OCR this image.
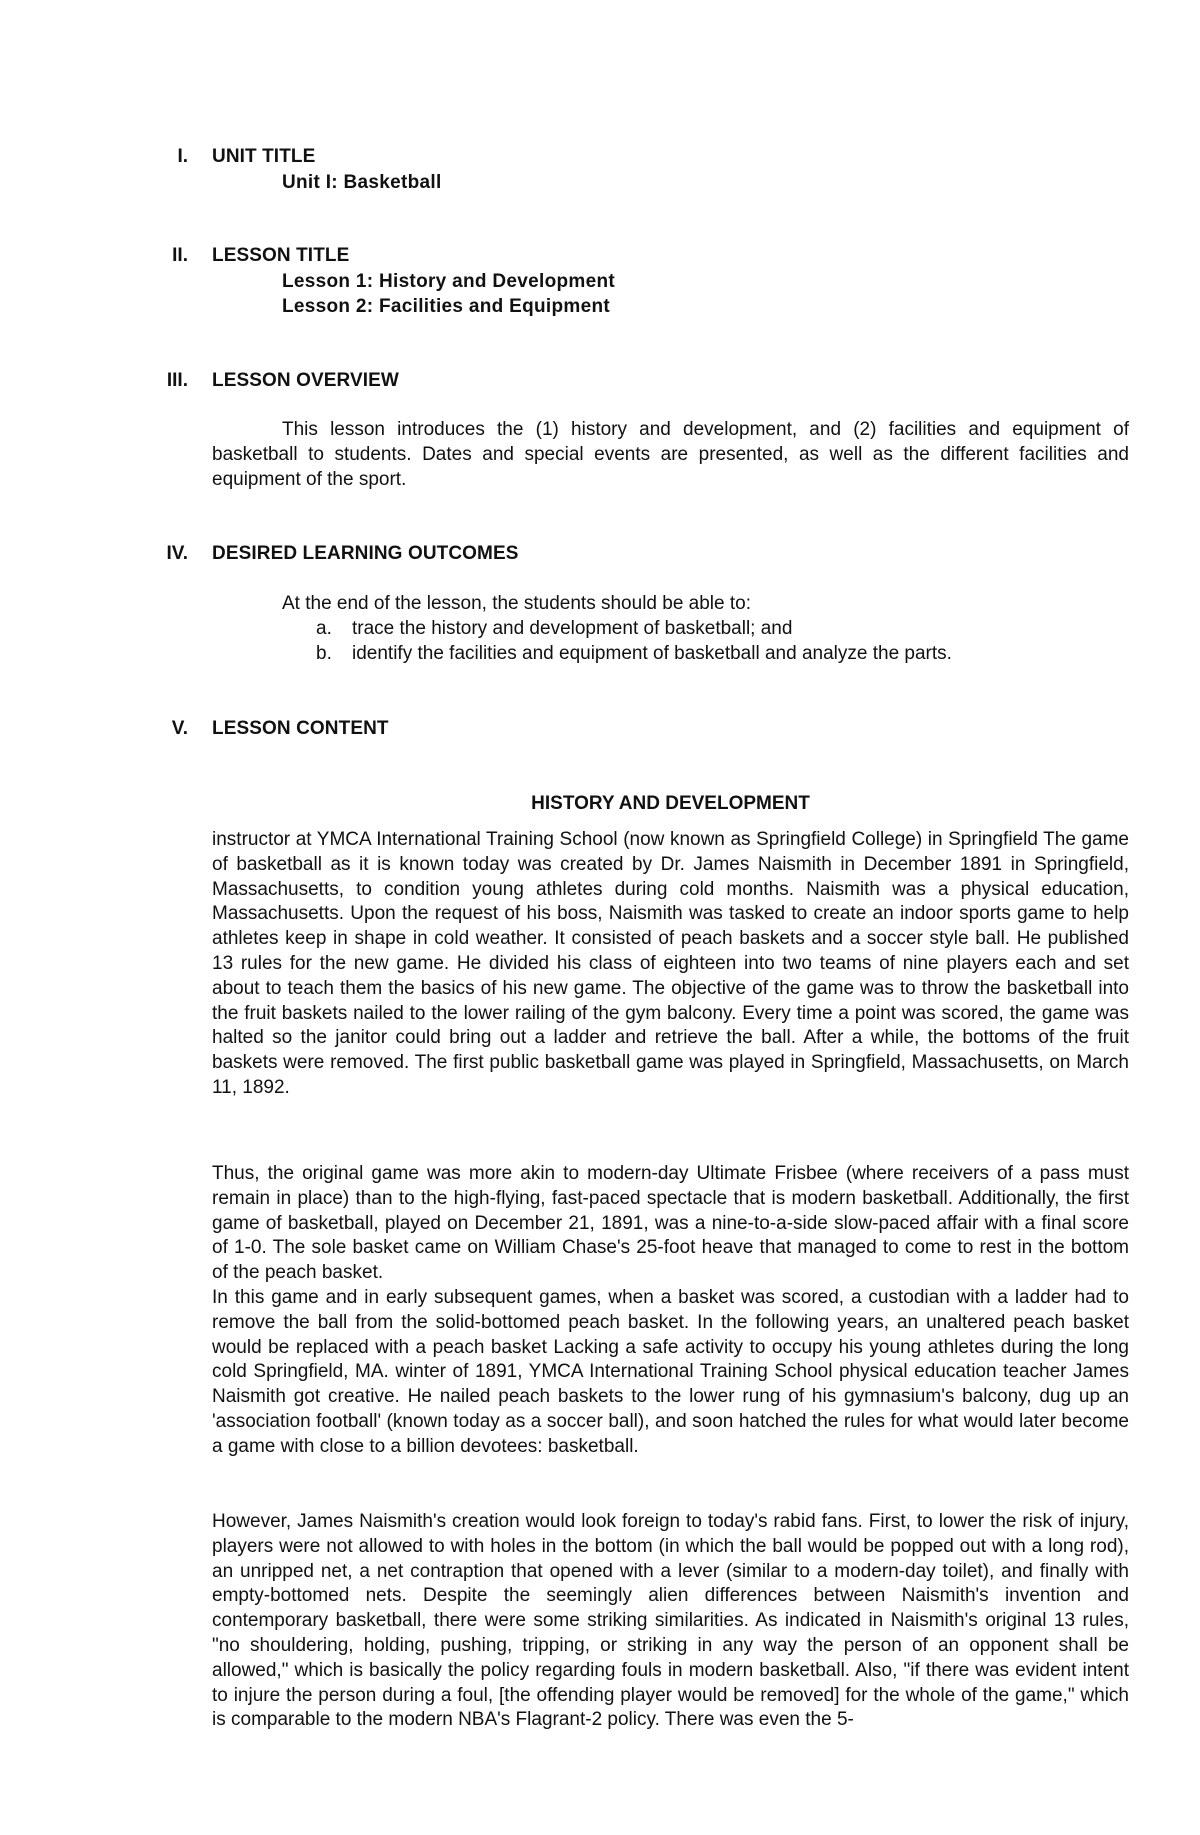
I. UNIT TITLE
Unit I: Basketball
II. LESSON TITLE
Lesson 1: History and Development
Lesson 2: Facilities and Equipment
III. LESSON OVERVIEW
This lesson introduces the (1) history and development, and (2) facilities and equipment of basketball to students. Dates and special events are presented, as well as the different facilities and equipment of the sport.
IV. DESIRED LEARNING OUTCOMES
At the end of the lesson, the students should be able to:
a. trace the history and development of basketball; and
b. identify the facilities and equipment of basketball and analyze the parts.
V. LESSON CONTENT
HISTORY AND DEVELOPMENT
instructor at YMCA International Training School (now known as Springfield College) in Springfield The game of basketball as it is known today was created by Dr. James Naismith in December 1891 in Springfield, Massachusetts, to condition young athletes during cold months. Naismith was a physical education, Massachusetts. Upon the request of his boss, Naismith was tasked to create an indoor sports game to help athletes keep in shape in cold weather. It consisted of peach baskets and a soccer style ball. He published 13 rules for the new game. He divided his class of eighteen into two teams of nine players each and set about to teach them the basics of his new game. The objective of the game was to throw the basketball into the fruit baskets nailed to the lower railing of the gym balcony. Every time a point was scored, the game was halted so the janitor could bring out a ladder and retrieve the ball. After a while, the bottoms of the fruit baskets were removed. The first public basketball game was played in Springfield, Massachusetts, on March 11, 1892.
Thus, the original game was more akin to modern-day Ultimate Frisbee (where receivers of a pass must remain in place) than to the high-flying, fast-paced spectacle that is modern basketball. Additionally, the first game of basketball, played on December 21, 1891, was a nine-to-a-side slow-paced affair with a final score of 1-0. The sole basket came on William Chase's 25-foot heave that managed to come to rest in the bottom of the peach basket.
In this game and in early subsequent games, when a basket was scored, a custodian with a ladder had to remove the ball from the solid-bottomed peach basket. In the following years, an unaltered peach basket would be replaced with a peach basket Lacking a safe activity to occupy his young athletes during the long cold Springfield, MA. winter of 1891, YMCA International Training School physical education teacher James Naismith got creative. He nailed peach baskets to the lower rung of his gymnasium's balcony, dug up an 'association football' (known today as a soccer ball), and soon hatched the rules for what would later become a game with close to a billion devotees: basketball.
However, James Naismith's creation would look foreign to today's rabid fans. First, to lower the risk of injury, players were not allowed to with holes in the bottom (in which the ball would be popped out with a long rod), an unripped net, a net contraption that opened with a lever (similar to a modern-day toilet), and finally with empty-bottomed nets. Despite the seemingly alien differences between Naismith's invention and contemporary basketball, there were some striking similarities. As indicated in Naismith's original 13 rules, "no shouldering, holding, pushing, tripping, or striking in any way the person of an opponent shall be allowed," which is basically the policy regarding fouls in modern basketball. Also, "if there was evident intent to injure the person during a foul, [the offending player would be removed] for the whole of the game," which is comparable to the modern NBA's Flagrant-2 policy. There was even the 5-
